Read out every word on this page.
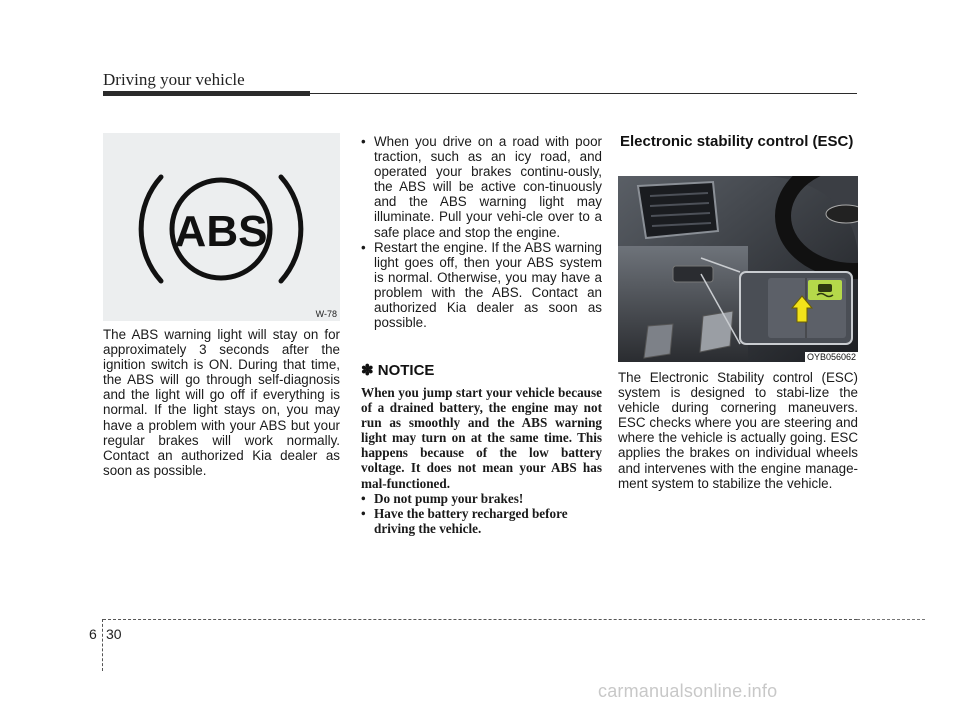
Driving your vehicle
ABS
W-78

The ABS warning light will stay on for approximately 3 seconds after the ignition switch is ON. During that time, the ABS will go through self-diagnosis and the light will go off if everything is normal. If the light stays on, you may have a problem with your ABS but your regular brakes will work normally. Contact an authorized Kia dealer as soon as possible.

• When you drive on a road with poor traction, such as an icy road, and operated your brakes continu-ously, the ABS will be active con-tinuously and the ABS warning light may illuminate. Pull your vehi-cle over to a safe place and stop the engine.
• Restart the engine. If the ABS warning light goes off, then your ABS system is normal. Otherwise, you may have a problem with the ABS. Contact an authorized Kia dealer as soon as possible.
✽ NOTICE

When you jump start your vehicle because of a drained battery, the engine may not run as smoothly and the ABS warning light may turn on at the same time. This happens because of the low battery voltage. It does not mean your ABS has mal-functioned.

• Do not pump your brakes!
• Have the battery recharged before driving the vehicle.
Electronic stability control (ESC)
OYB056062

The Electronic Stability control (ESC) system is designed to stabi-lize the vehicle during cornering maneuvers. ESC checks where you are steering and where the vehicle is actually going. ESC applies the brakes on individual wheels and intervenes with the engine manage-ment system to stabilize the vehicle.

6 30
carmanualsonline.info
